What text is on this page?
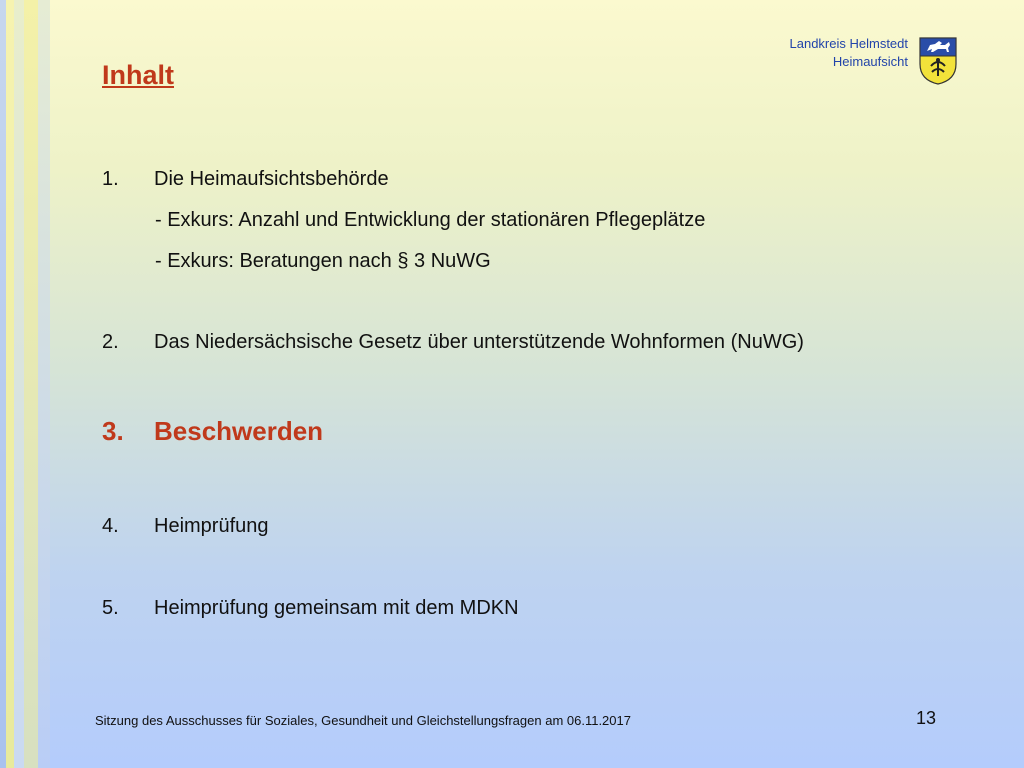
Landkreis Helmstedt
Heimaufsicht
Inhalt
1. Die Heimaufsichtsbehörde
- Exkurs: Anzahl und Entwicklung der stationären Pflegeplätze
- Exkurs: Beratungen nach § 3 NuWG
2. Das Niedersächsische Gesetz über unterstützende Wohnformen (NuWG)
3. Beschwerden
4. Heimprüfung
5. Heimprüfung gemeinsam mit dem MDKN
Sitzung des Ausschusses für Soziales, Gesundheit und Gleichstellungsfragen am 06.11.2017	13
